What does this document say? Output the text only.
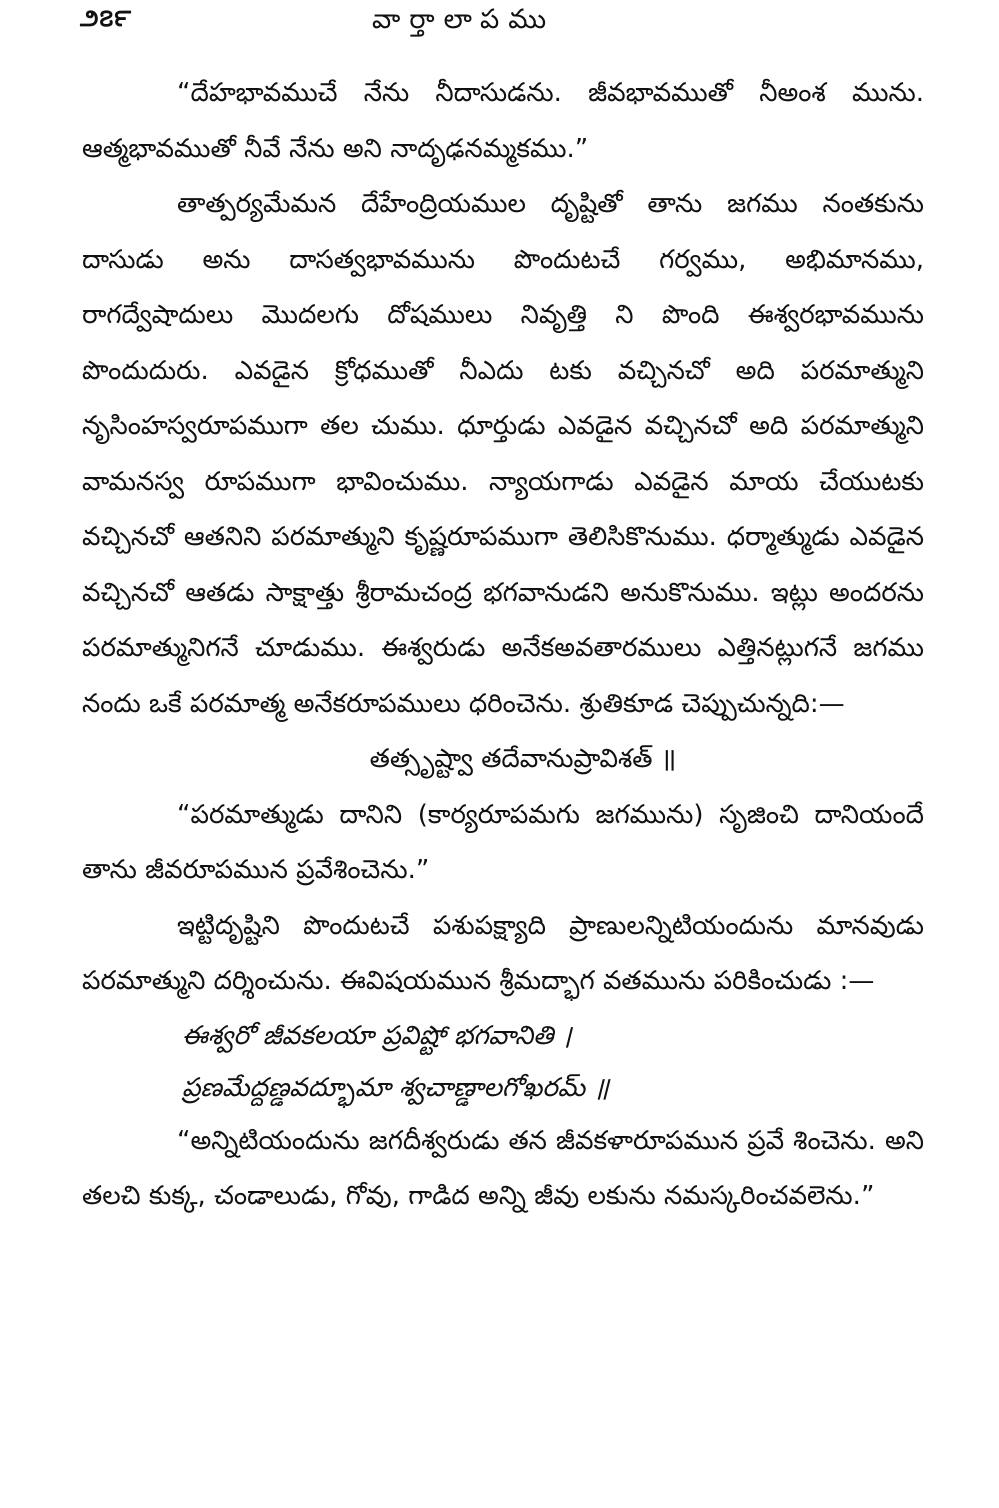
౨౭౯	వార్తాలాపము

“దేహభావముచే నేను నీదాసుడను. జీవభావముతో నీఅంశ మును. ఆత్మభావముతో నీవే నేను అని నాదృఢనమ్మకము.”

తాత్పర్యమేమన దేహేంద్రియముల దృష్టితో తాను జగము నంతకును దాసుడు అను దాసత్వభావమును పొందుటచే గర్వము, అభిమానము, రాగద్వేషాదులు మొదలగు దోషములు నివృత్తి ని పొంది ఈశ్వరభావమును పొందుదురు. ఎవడైన క్రోధముతో నీఎదు టకు వచ్చినచో అది పరమాత్ముని నృసింహస్వరూపముగా తల చుము. ధూర్తుడు ఎవడైన వచ్చినచో అది పరమాత్ముని వామనస్వ రూపముగా భావించుము. న్యాయగాడు ఎవడైన మాయ చేయుటకు వచ్చినచో ఆతనిని పరమాత్ముని కృష్ణరూపముగా తెలిసికొనుము. ధర్మాత్ముడు ఎవడైన వచ్చినచో ఆతడు సాక్షాత్తు శ్రీరామచంద్ర భగవానుడని అనుకొనుము. ఇట్లు అందరను పరమాత్మునిగనే చూడుము. ఈశ్వరుడు అనేకఅవతారములు ఎత్తినట్లుగనే జగము నందు ఒకే పరమాత్మ అనేకరూపములు ధరించెను. శ్రుతికూడ చెప్పుచున్నది:—

తత్సృష్ట్వా తదేవానుప్రావిశత్ ॥

“పరమాత్ముడు దానిని (కార్యరూపమగు జగమును) సృజించి దానియందే తాను జీవరూపమున ప్రవేశించెను.”

ఇట్టిదృష్టిని పొందుటచే పశుపక్ష్యాది ప్రాణులన్నిటియందును మానవుడు పరమాత్ముని దర్శించును. ఈవిషయమున శ్రీమద్భాగ వతమును పరికించుడు :—

ఈశ్వరో జీవకలయా ప్రవిష్టో భగవానితి ।

ప్రణమేద్దణ్డవద్భూమా శ్వచాణ్డాలగోఖరమ్ ॥

“అన్నిటియందును జగదీశ్వరుడు తన జీవకళారూపమున ప్రవే శించెను. అని తలచి కుక్క, చండాలుడు, గోవు, గాడిద అన్ని జీవు లకును నమస్కరించవలెను.”
